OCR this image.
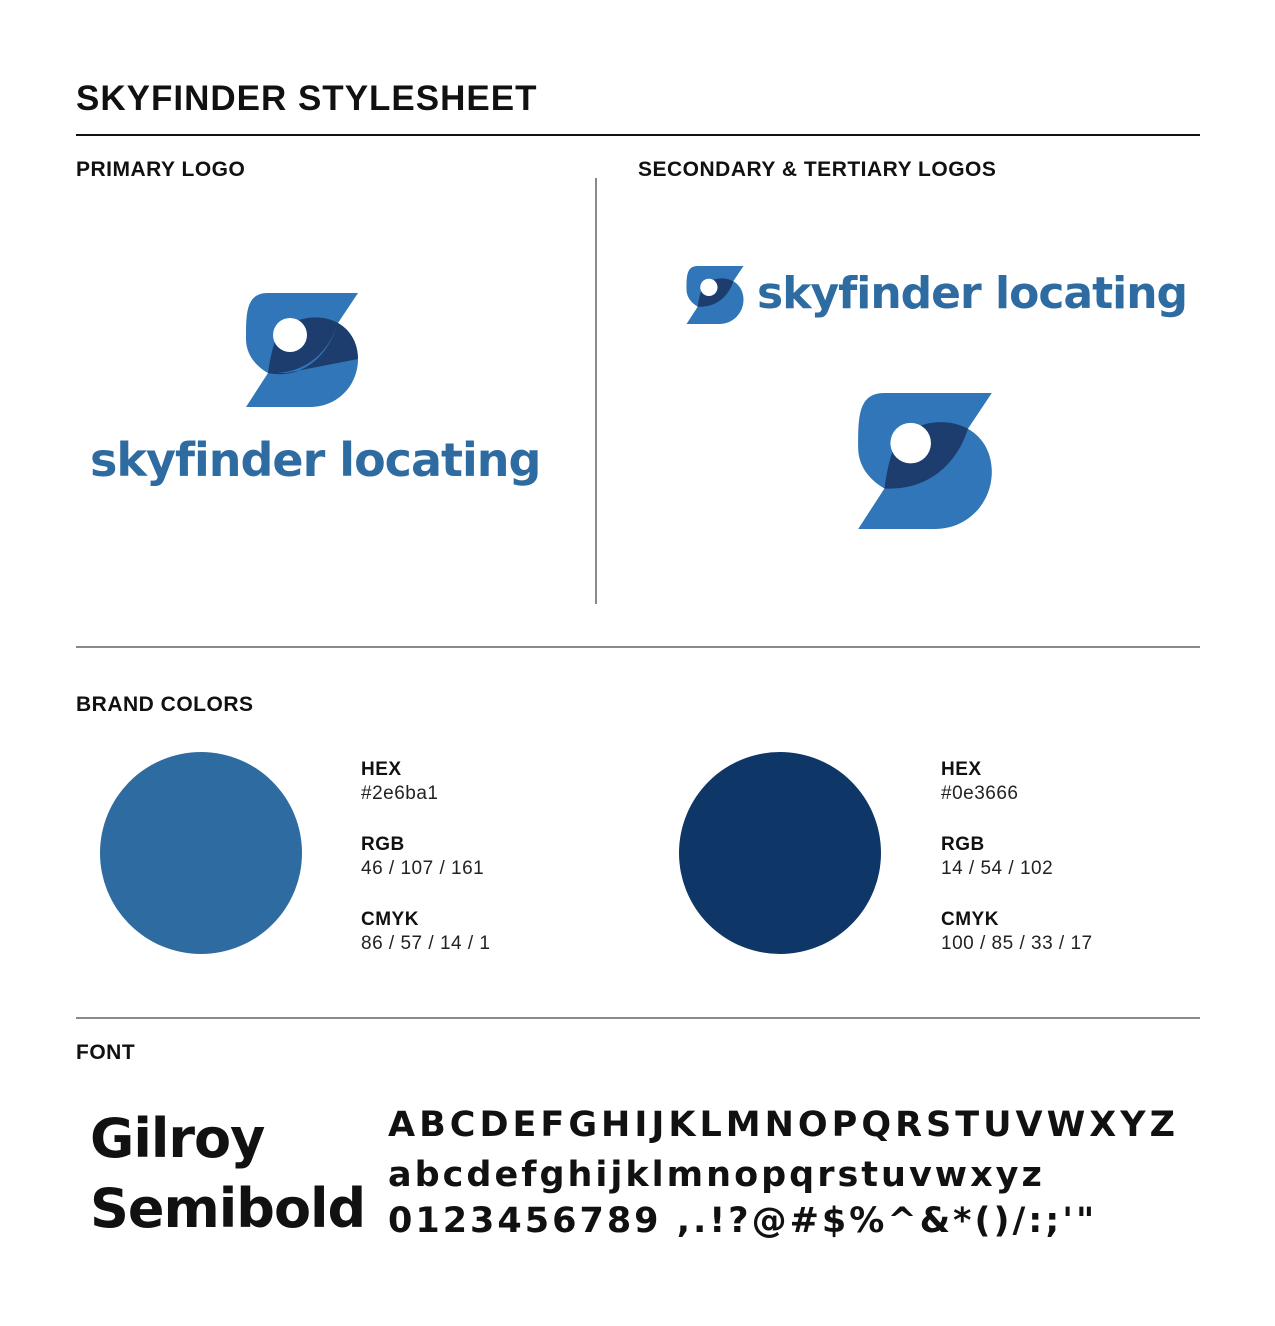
SKYFINDER STYLESHEET
PRIMARY LOGO	SECONDARY & TERTIARY LOGOS
skyfinder locating
skyfinder locating
BRAND COLORS
HEX
#2e6ba1
RGB
46 / 107 / 161
CMYK
86 / 57 / 14 / 1
HEX
#0e3666
RGB
14 / 54 / 102
CMYK
100 / 85 / 33 / 17
FONT
Gilroy
Semibold
ABCDEFGHIJKLMNOPQRSTUVWXYZ
abcdefghijklmnopqrstuvwxyz
0123456789 ,.!?@#$%^&*()/:;'"
